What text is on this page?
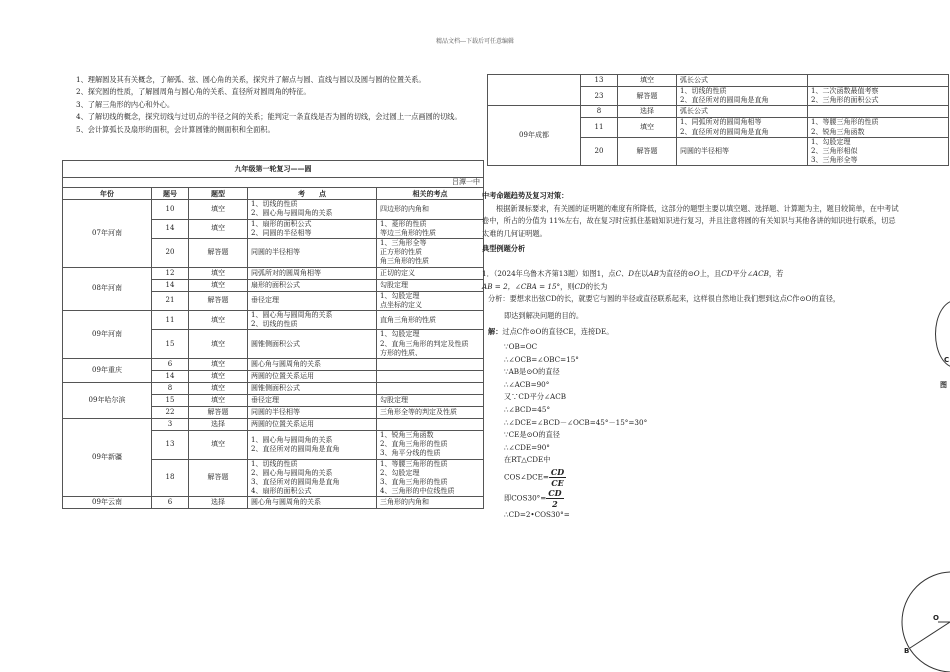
精品文档---下载后可任意编辑

1、理解圆及其有关概念，了解弧、弦、圆心角的关系，探究并了解点与圆、直线与圆以及圆与圆的位置关系。

2、探究圆的性质，了解圆周角与圆心角的关系、直径所对圆周角的特征。

3、了解三角形的内心和外心。

4、了解切线的概念，探究切线与过切点的半径之间的关系；能判定一条直线是否为圆的切线，会过圆上一点画圆的切线。

5、会计算弧长及扇形的面积，会计算圆锥的侧面积和全面积。

九年级第一轮复习——圆				
吕潭一中				
年份	题号	题型	考　　点	相关的考点
07年河南	10	填空	1、切线的性质
2、圆心角与圆周角的关系	四边形的内角和
	14	填空	1、扇形的面积公式
2、同圆的半径相等	1、菱形的性质
等边三角形的性质
	20	解答题	同圆的半径相等	1、三角形全等
正方形的性质
角三角形的性质
08年河南	12	填空	同弧所对的圆周角相等	正切的定义
	14	填空	扇形的面积公式	勾股定理
	21	解答题	垂径定理	1、勾股定理
点坐标的定义
09年河南	11	填空	1、圆心角与圆周角的关系
2、切线的性质	直角三角形的性质
	15	填空	圆锥侧面积公式	1、勾股定理
2、直角三角形的判定及性质
方形的性质、
09年重庆	6	填空	圆心角与圆周角的关系	
	14	填空	两圆的位置关系运用	
09年哈尔滨	8	填空	圆锥侧面积公式	
	15	填空	垂径定理	勾股定理
	22	解答题	同圆的半径相等	三角形全等的判定及性质
09年新疆	3	选择	两圆的位置关系运用	
	13	填空	1、圆心角与圆周角的关系
2、直径所对的圆周角是直角	1、锐角三角函数
2、直角三角形的性质
3、角平分线的性质
	18	解答题	1、切线的性质
2、圆心角与圆周角的关系
3、直径所对的圆周角是直角
4、扇形的面积公式	1、等腰三角形的性质
2、勾股定理
3、直角三角形的性质
4、三角形的中位线性质
09年云南	6	选择	圆心角与圆周角的关系	三角形的内角和
	13	填空	弧长公式	
	23	解答题	1、切线的性质
2、直径所对的圆周角是直角	1、二次函数最值考察
2、三角形的面积公式
09年成都	8	选择	弧长公式	
	11	填空	1、同弧所对的圆周角相等
2、直径所对的圆周角是直角	1、等腰三角形的性质
2、锐角三角函数
	20	解答题	同圆的半径相等	1、勾股定理
2、三角形相似
3、三角形全等

中考命题趋势及复习对策：

根据新课标要求，有关圆的证明题的难度有所降低，这部分的题型主要以填空题、选择题、计算题为主，题目较简单，在中考试卷中，所占的分值为 11%左右，故在复习时应抓住基础知识进行复习，并且注意将圆的有关知识与其他各讲的知识进行联系，切忌太难的几何证明题。

典型例题分析

1．（2024年乌鲁木齐第13题）如图1，点C、D在以AB为直径的⊙O上，且CD平分∠ACB，若
AB = 2，∠CBA = 15°，则CD的长为

分析：要想求出弦CD的长，就要它与圆的半径或直径联系起来，这样很自然地让我们想到这点C作⊙O的直径，

即达到解决问题的目的。

解：过点C作⊙O的直径CE，连接DE。

∵OB=OC

∴∠OCB=∠OBC=15°

∵AB是⊙O的直径

∴∠ACB=90°

又∵CD平分∠ACB

∴∠BCD=45°

∴∠DCE=∠BCD－∠OCB=45°－15°=30°

∵CE是⊙O的直径

∴∠CDE=90°

在RT△CDE中

COS∠DCE= $\frac{CD}{CE}$

即$COS30^\circ= \frac{CD}{2}$

∴CD=2•COS30°=

C
图
O
B
